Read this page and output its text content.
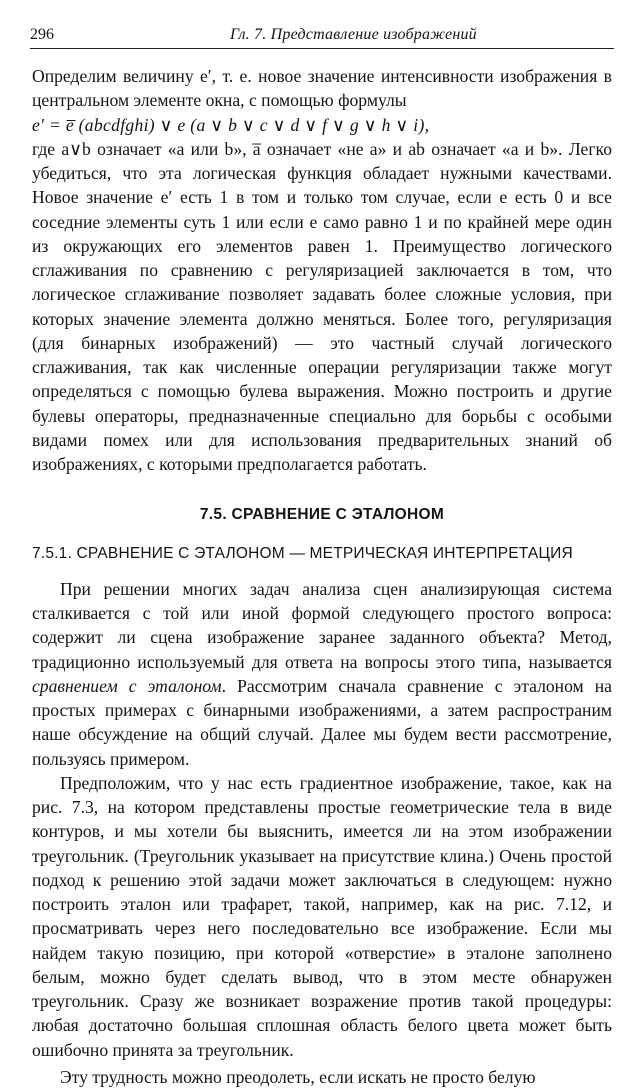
296	Гл. 7. Представление изображений

Определим величину e′, т. е. новое значение интенсивности изображения в центральном элементе окна, с помощью формулы

e′ = e̅ (abcdfghi) ∨ e (a ∨ b ∨ c ∨ d ∨ f ∨ g ∨ h ∨ i),

где a∨b означает «a или b», a̅ означает «не a» и ab означает «a и b». Легко убедиться, что эта логическая функция обладает нужными качествами. Новое значение e′ есть 1 в том и только том случае, если e есть 0 и все соседние элементы суть 1 или если e само равно 1 и по крайней мере один из окружающих его элементов равен 1. Преимущество логического сглаживания по сравнению с регуляризацией заключается в том, что логическое сглаживание позволяет задавать более сложные условия, при которых значение элемента должно меняться. Более того, регуляризация (для бинарных изображений) — это частный случай логического сглаживания, так как численные операции регуляризации также могут определяться с помощью булева выражения. Можно построить и другие булевы операторы, предназначенные специально для борьбы с особыми видами помех или для использования предварительных знаний об изображениях, с которыми предполагается работать.

7.5. СРАВНЕНИЕ С ЭТАЛОНОМ
7.5.1. СРАВНЕНИЕ С ЭТАЛОНОМ — МЕТРИЧЕСКАЯ ИНТЕРПРЕТАЦИЯ

При решении многих задач анализа сцен анализирующая система сталкивается с той или иной формой следующего простого вопроса: содержит ли сцена изображение заранее заданного объекта? Метод, традиционно используемый для ответа на вопросы этого типа, называется сравнением с эталоном. Рассмотрим сначала сравнение с эталоном на простых примерах с бинарными изображениями, а затем распространим наше обсуждение на общий случай. Далее мы будем вести рассмотрение, пользуясь примером.

Предположим, что у нас есть градиентное изображение, такое, как на рис. 7.3, на котором представлены простые геометрические тела в виде контуров, и мы хотели бы выяснить, имеется ли на этом изображении треугольник. (Треугольник указывает на присутствие клина.) Очень простой подход к решению этой задачи может заключаться в следующем: нужно построить эталон или трафарет, такой, например, как на рис. 7.12, и просматривать через него последовательно все изображение. Если мы найдем такую позицию, при которой «отверстие» в эталоне заполнено белым, можно будет сделать вывод, что в этом месте обнаружен треугольник. Сразу же возникает возражение против такой процедуры: любая достаточно большая сплошная область белого цвета может быть ошибочно принята за треугольник.

Эту трудность можно преодолеть, если искать не просто белую
